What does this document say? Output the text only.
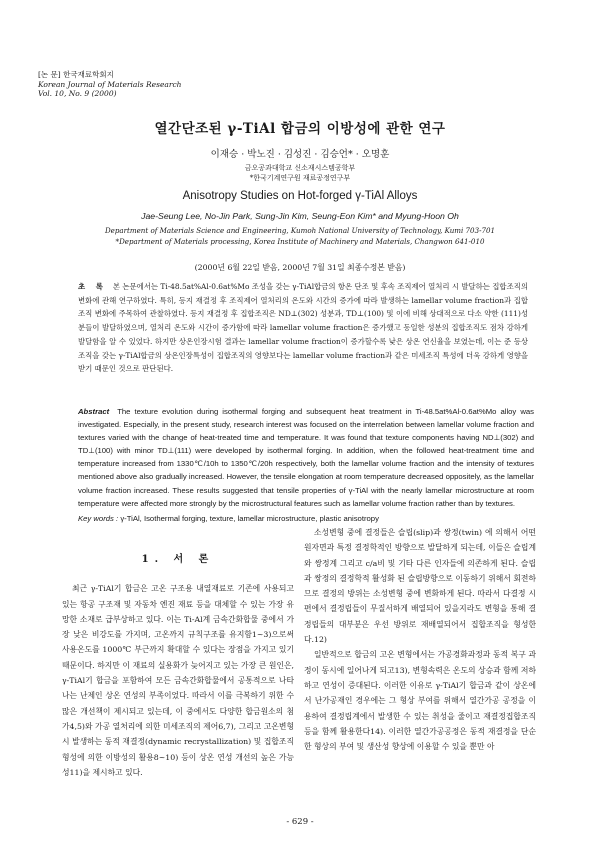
[논 문] 한국재료학회지
Korean Journal of Materials Research
Vol. 10, No. 9 (2000)
열간단조된 γ-TiAl 합금의 이방성에 관한 연구
이재승 · 박노진 · 김성진 · 김승언* · 오명훈
금오공과대학교 신소재시스템공학부
*한국기계연구원 재료공정연구부
Anisotropy Studies on Hot-forged γ-TiAl Alloys
Jae-Seung Lee, No-Jin Park, Sung-Jin Kim, Seung-Eon Kim* and Myung-Hoon Oh
Department of Materials Science and Engineering, Kumoh National University of Technology, Kumi 703-701
*Department of Materials processing, Korea Institute of Machinery and Materials, Changwon 641-010
(2000년 6월 22일 받음, 2000년 7월 31일 최종수정본 받음)
초 록 본 논문에서는 Ti-48.5at%Al-0.6at%Mo 조성을 갖는 γ-TiAl합금의 항온 단조 및 후속 조직제어 열처리 시 발달하는 집합조직의 변화에 관해 연구하였다. 특히, 등지 재결정 후 조직제어 열처리의 온도와 시간의 증가에 따라 발생하는 lamellar volume fraction과 집합조직 변화에 주목하여 관찰하였다. 등지 재결정 후 집합조직은 ND⊥(302) 성분과, TD⊥(100) 및 이에 비해 상대적으로 다소 약한 (111)성분들이 발달하였으며, 열처리 온도와 시간이 증가함에 따라 lamellar volume fraction은 증가했고 동일한 성분의 집합조직도 점차 강하게 발달함을 알 수 있었다. 하지만 상온인장시험 결과는 lamellar volume fraction이 증가할수록 낮은 상온 연신율을 보였는데, 이는 준 등상조직을 갖는 γ-TiAl합금의 상온인장특성이 집합조직의 영향보다는 lamellar volume fraction과 같은 미세조직 특성에 더욱 강하게 영향을 받기 때문인 것으로 판단된다.
Abstract The texture evolution during isothermal forging and subsequent heat treatment in Ti-48.5at%Al-0.6at%Mo alloy was investigated. Especially, in the present study, research interest was focused on the interrelation between lamellar volume fraction and textures varied with the change of heat-treated time and temperature. It was found that texture components having ND⊥(302) and TD⊥(100) with minor TD⊥(111) were developed by isothermal forging. In addition, when the followed heat-treatment time and temperature increased from 1330℃/10h to 1350℃/20h respectively, both the lamellar volume fraction and the intensity of textures mentioned above also gradually increased. However, the tensile elongation at room temperature decreased oppositely, as the lamellar volume fraction increased. These results suggested that tensile properties of γ-TiAl with the nearly lamellar microstructure at room temperature were affected more strongly by the microstructural features such as lamellar volume fraction rather than by textures.
Key words : γ-TiAl, Isothermal forging, texture, lamellar microstructure, plastic anisotropy
1. 서 론

최근 γ-TiAl기 합금은 고온 구조용 내열재료로 기존에 사용되고 있는 항공 구조재 및 자동차 엔진 재료 등을 대체할 수 있는 가장 유망한 소재로 급부상하고 있다. 이는 Ti-Al계 금속간화합물 중에서 가장 낮은 비강도를 가지며, 고온까지 규칙구조를 유지함1~3)으로써 사용온도를 1000℃ 부근까지 확대할 수 있다는 장점을 가지고 있기 때문이다. 하지만 이 재료의 실용화가 늦어지고 있는 가장 큰 원인은, γ-TiAl기 합금을 포함하여 모든 금속간화합물에서 공통적으로 나타나는 난제인 상온 연성의 부족이었다. 따라서 이를 극복하기 위한 수많은 개선책이 제시되고 있는데, 이 중에서도 다양한 합금원소의 첨가4,5)와 가공 열처리에 의한 미세조직의 제어6,7), 그리고 고온변형 시 발생하는 동적 재결정(dynamic recrystallization) 및 집합조직 형성에 의한 이방성의 활용8~10) 등이 상온 연성 개선의 높은 가능성11)을 제시하고 있다.

소성변형 중에 결정들은 슬립(slip)과 쌍정(twin) 에 의해서 어떤 원자면과 특정 결정학적인 방향으로 발달하게 되는데, 이들은 슬립계와 쌍정계 그리고 c/a비 및 기타 다른 인자들에 의존하게 된다. 슬립과 쌍정의 결정학적 활성화 된 슬립방향으로 이동하기 위해서 회전하므로 결정의 방위는 소성변형 중에 변화하게 된다. 따라서 다결정 시편에서 결정립들이 무질서하게 배열되어 있을지라도 변형을 통해 결정립들의 대부분은 우선 방위로 재배열되어서 집합조직을 형성한다.12)

일반적으로 합금의 고온 변형에서는 가공경화과정과 동적 복구 과정이 동시에 일어나게 되고13), 변형속력은 온도의 상승과 함께 저하하고 연성이 증대된다. 이러한 이유로 γ-TiAl기 합금과 같이 상온에서 난가공재인 경우에는 그 형상 부여를 위해서 열간가공 공정을 이용하여 결정립계에서 발생한 수 있는 취성을 줄이고 재결정집합조직 등을 함께 활용한다14). 이러한 열간가공공정은 동적 재결정을 단순한 형상의 부여 및 생산성 향상에 이용할 수 있을 뿐만 아

- 629 -
